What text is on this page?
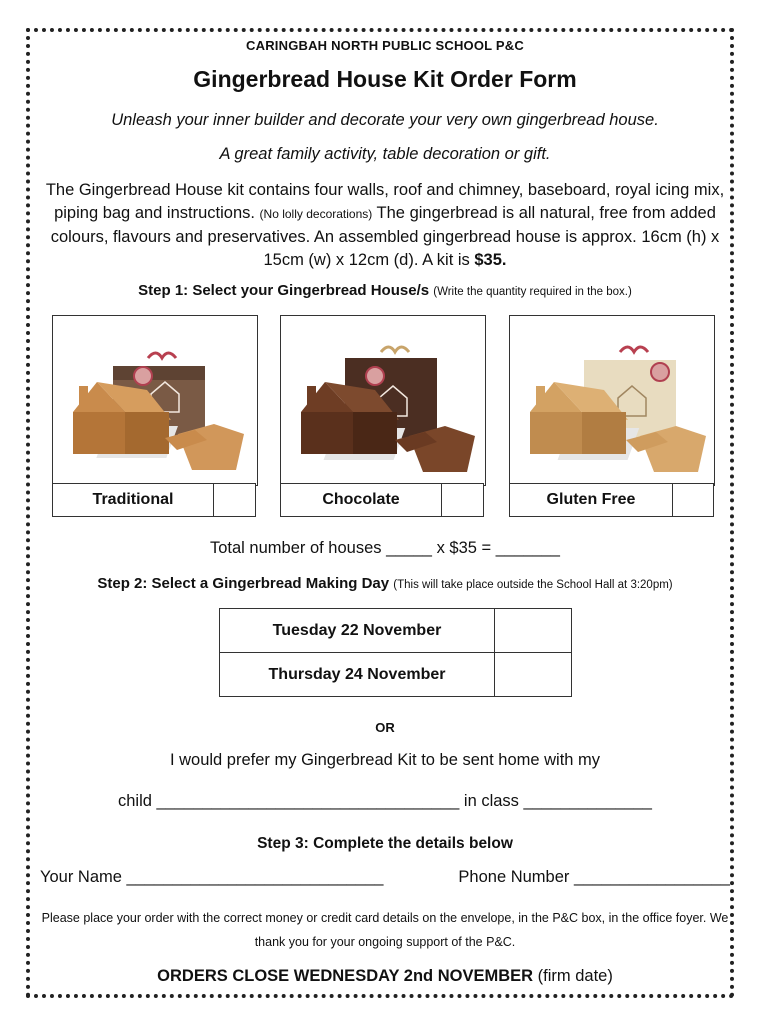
CARINGBAH NORTH PUBLIC SCHOOL P&C
Gingerbread House Kit Order Form
Unleash your inner builder and decorate your very own gingerbread house.
A great family activity, table decoration or gift.
The Gingerbread House kit contains four walls, roof and chimney, baseboard, royal icing mix, piping bag and instructions. (No lolly decorations) The gingerbread is all natural, free from added colours, flavours and preservatives. An assembled gingerbread house is approx. 16cm (h) x 15cm (w) x 12cm (d). A kit is $35.
Step 1: Select your Gingerbread House/s (Write the quantity required in the box.)
Traditional	Chocolate	Gluten Free
Total number of houses _____ x $35 = _______
Step 2: Select a Gingerbread Making Day (This will take place outside the School Hall at 3:20pm)
Tuesday 22 November	
Thursday 24 November	
OR
I would prefer my Gingerbread Kit to be sent home with my
child _________________________________ in class ______________
Step 3: Complete the details below
Your Name ____________________________	Phone Number _________________
Please place your order with the correct money or credit card details on the envelope, in the P&C box, in the office foyer. We thank you for your ongoing support of the P&C.
ORDERS CLOSE WEDNESDAY 2nd NOVEMBER (firm date)
